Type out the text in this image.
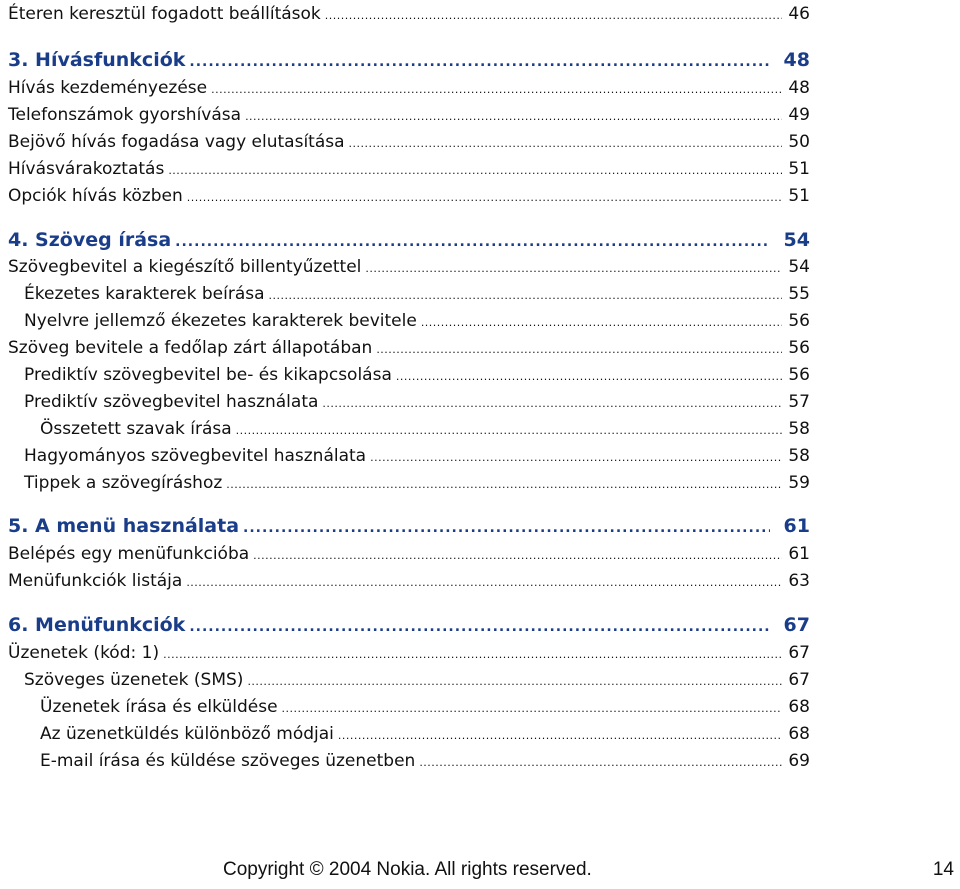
Éteren keresztül fogadott beállítások .....	46
3. Hívásfunkciók .....	48
Hívás kezdeményezése .....	48
Telefonszámok gyorshívása .....	49
Bejövő hívás fogadása vagy elutasítása .....	50
Hívásvárakoztatás .....	51
Opciók hívás közben .....	51
4. Szöveg írása .....	54
Szövegbevitel a kiegészítő billentyűzettel .....	54
Ékezetes karakterek beírása .....	55
Nyelvre jellemző ékezetes karakterek bevitele .....	56
Szöveg bevitele a fedőlap zárt állapotában .....	56
Prediktív szövegbevitel be- és kikapcsolása .....	56
Prediktív szövegbevitel használata .....	57
Összetett szavak írása .....	58
Hagyományos szövegbevitel használata .....	58
Tippek a szövegíráshoz .....	59
5. A menü használata .....	61
Belépés egy menüfunkcióba .....	61
Menüfunkciók listája .....	63
6. Menüfunkciók .....	67
Üzenetek (kód: 1) .....	67
Szöveges üzenetek (SMS) .....	67
Üzenetek írása és elküldése .....	68
Az üzenetküldés különböző módjai .....	68
E-mail írása és küldése szöveges üzenetben .....	69
Copyright © 2004 Nokia. All rights reserved.	14
